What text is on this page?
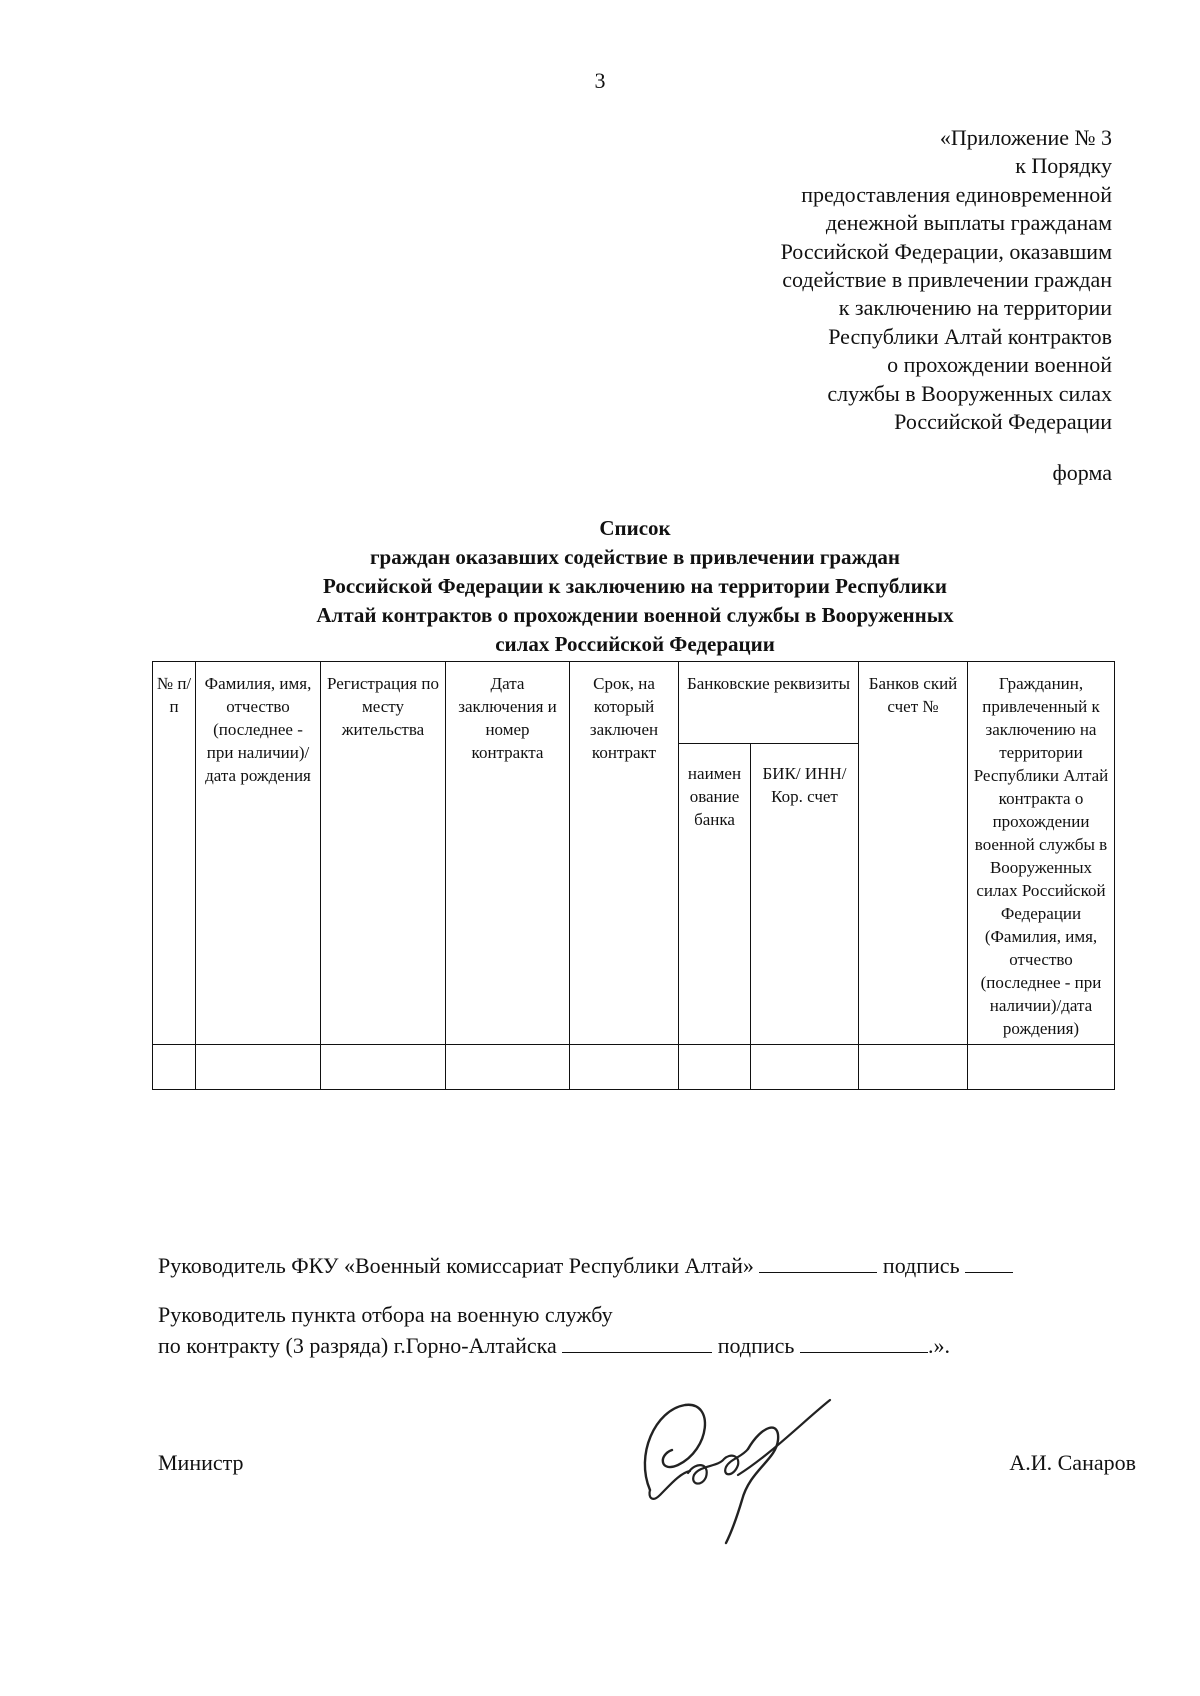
3
«Приложение № 3
к Порядку
предоставления единовременной
денежной выплаты гражданам
Российской Федерации, оказавшим
содействие в привлечении граждан
к заключению на территории
Республики Алтай контрактов
о прохождении военной
службы в Вооруженных силах
Российской Федерации
форма
Список
граждан оказавших содействие в привлечении граждан
Российской Федерации к заключению на территории Республики
Алтай контрактов о прохождении военной службы в Вооруженных
силах Российской Федерации
№ п/п	Фамилия, имя, отчество (последнее - при наличии)/ дата рождения	Регистрация по месту жительства	Дата заключения и номер контракта	Срок, на который заключен контракт	Банковские реквизиты		Банков ский счет №	Гражданин, привлеченный к заключению на территории Республики Алтай контракта о прохождении военной службы в Вооруженных силах Российской Федерации (Фамилия, имя, отчество (последнее - при наличии)/дата рождения)
					наимен ование банка	БИК/ ИНН/ Кор. счет		

Руководитель ФКУ «Военный комиссариат Республики Алтай»	подпись
Руководитель пункта отбора на военную службу
по контракту (3 разряда) г.Горно-Алтайска	подпись	.».
Министр	А.И. Санаров
